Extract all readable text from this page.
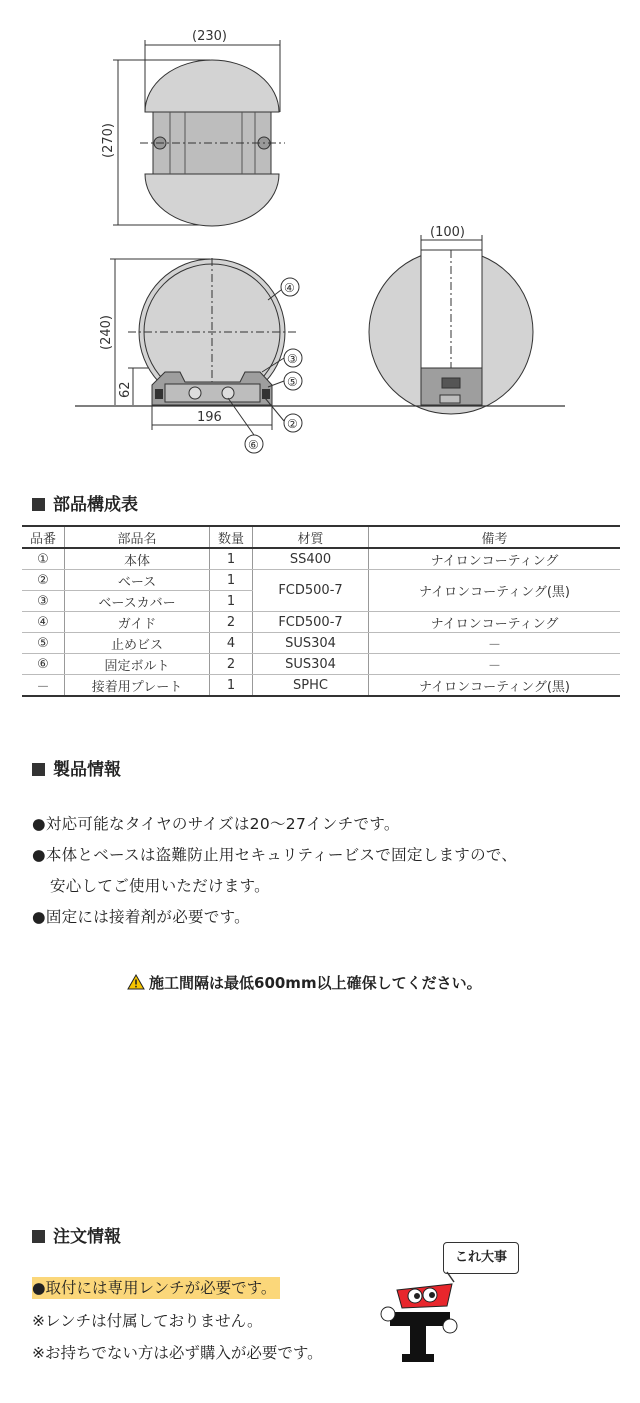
(230)
(270)
(240)
62
196
(100)
④
③
⑤
②
⑥
部品構成表
品番	部品名	数量	材質	備考
①	本体	1	SS400	ナイロンコーティング
②	ベース	1	FCD500-7	ナイロンコーティング(黒)
③	ベースカバー	1		
④	ガイド	2	FCD500-7	ナイロンコーティング
⑤	止めビス	4	SUS304	－
⑥	固定ボルト	2	SUS304	－
－	接着用プレート	1	SPHC	ナイロンコーティング(黒)
製品情報
●対応可能なタイヤのサイズは20～27インチです。
●本体とベースは盗難防止用セキュリティービスで固定しますので、
安心してご使用いただけます。
●固定には接着剤が必要です。
施工間隔は最低600mm以上確保してください。
注文情報
●取付には専用レンチが必要です。
※レンチは付属しておりません。
※お持ちでない方は必ず購入が必要です。
これ大事
